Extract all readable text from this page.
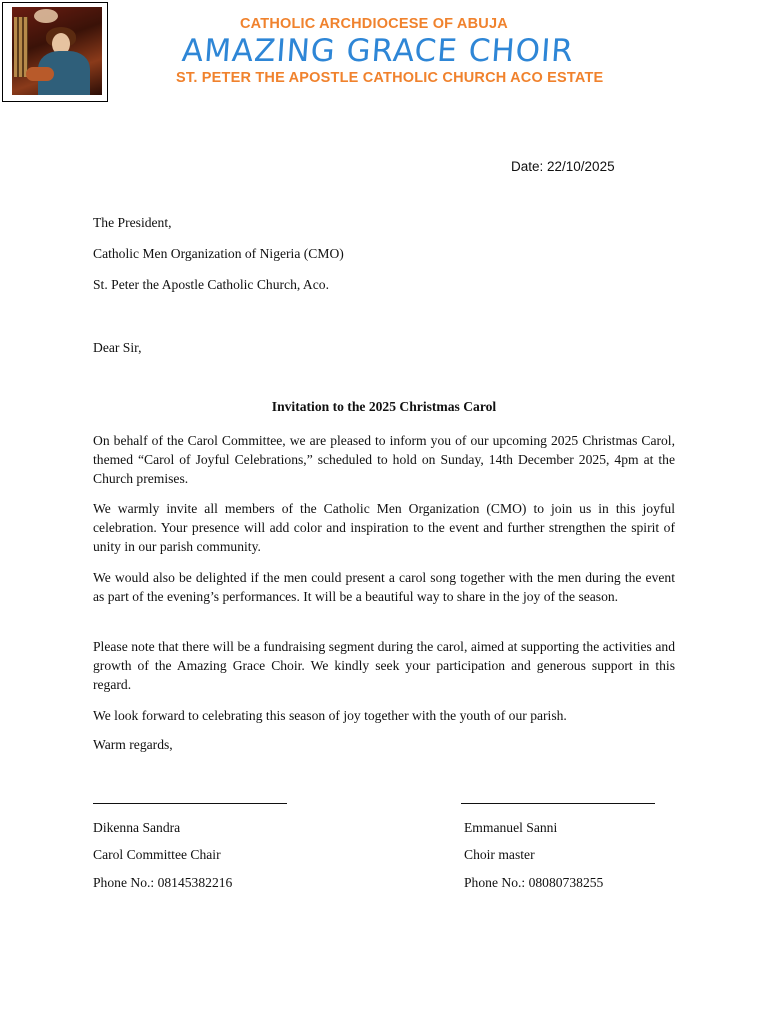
CATHOLIC ARCHDIOCESE OF ABUJA
AMAZING GRACE CHOIR
ST. PETER THE APOSTLE CATHOLIC CHURCH ACO ESTATE
Date: 22/10/2025
The President,
Catholic Men Organization of Nigeria (CMO)
St. Peter the Apostle Catholic Church, Aco.
Dear Sir,
Invitation to the 2025 Christmas Carol
On behalf of the Carol Committee, we are pleased to inform you of our upcoming 2025 Christmas Carol, themed “Carol of Joyful Celebrations,” scheduled to hold on Sunday, 14th December 2025, 4pm at the Church premises.
We warmly invite all members of the Catholic Men Organization (CMO) to join us in this joyful celebration. Your presence will add color and inspiration to the event and further strengthen the spirit of unity in our parish community.
We would also be delighted if the men could present a carol song together with the men during the event as part of the evening’s performances. It will be a beautiful way to share in the joy of the season.
Please note that there will be a fundraising segment during the carol, aimed at supporting the activities and growth of the Amazing Grace Choir. We kindly seek your participation and generous support in this regard.
We look forward to celebrating this season of joy together with the youth of our parish.
Warm regards,
Dikenna Sandra
Carol Committee Chair
Phone No.: 08145382216
Emmanuel Sanni
Choir master
Phone No.: 08080738255
